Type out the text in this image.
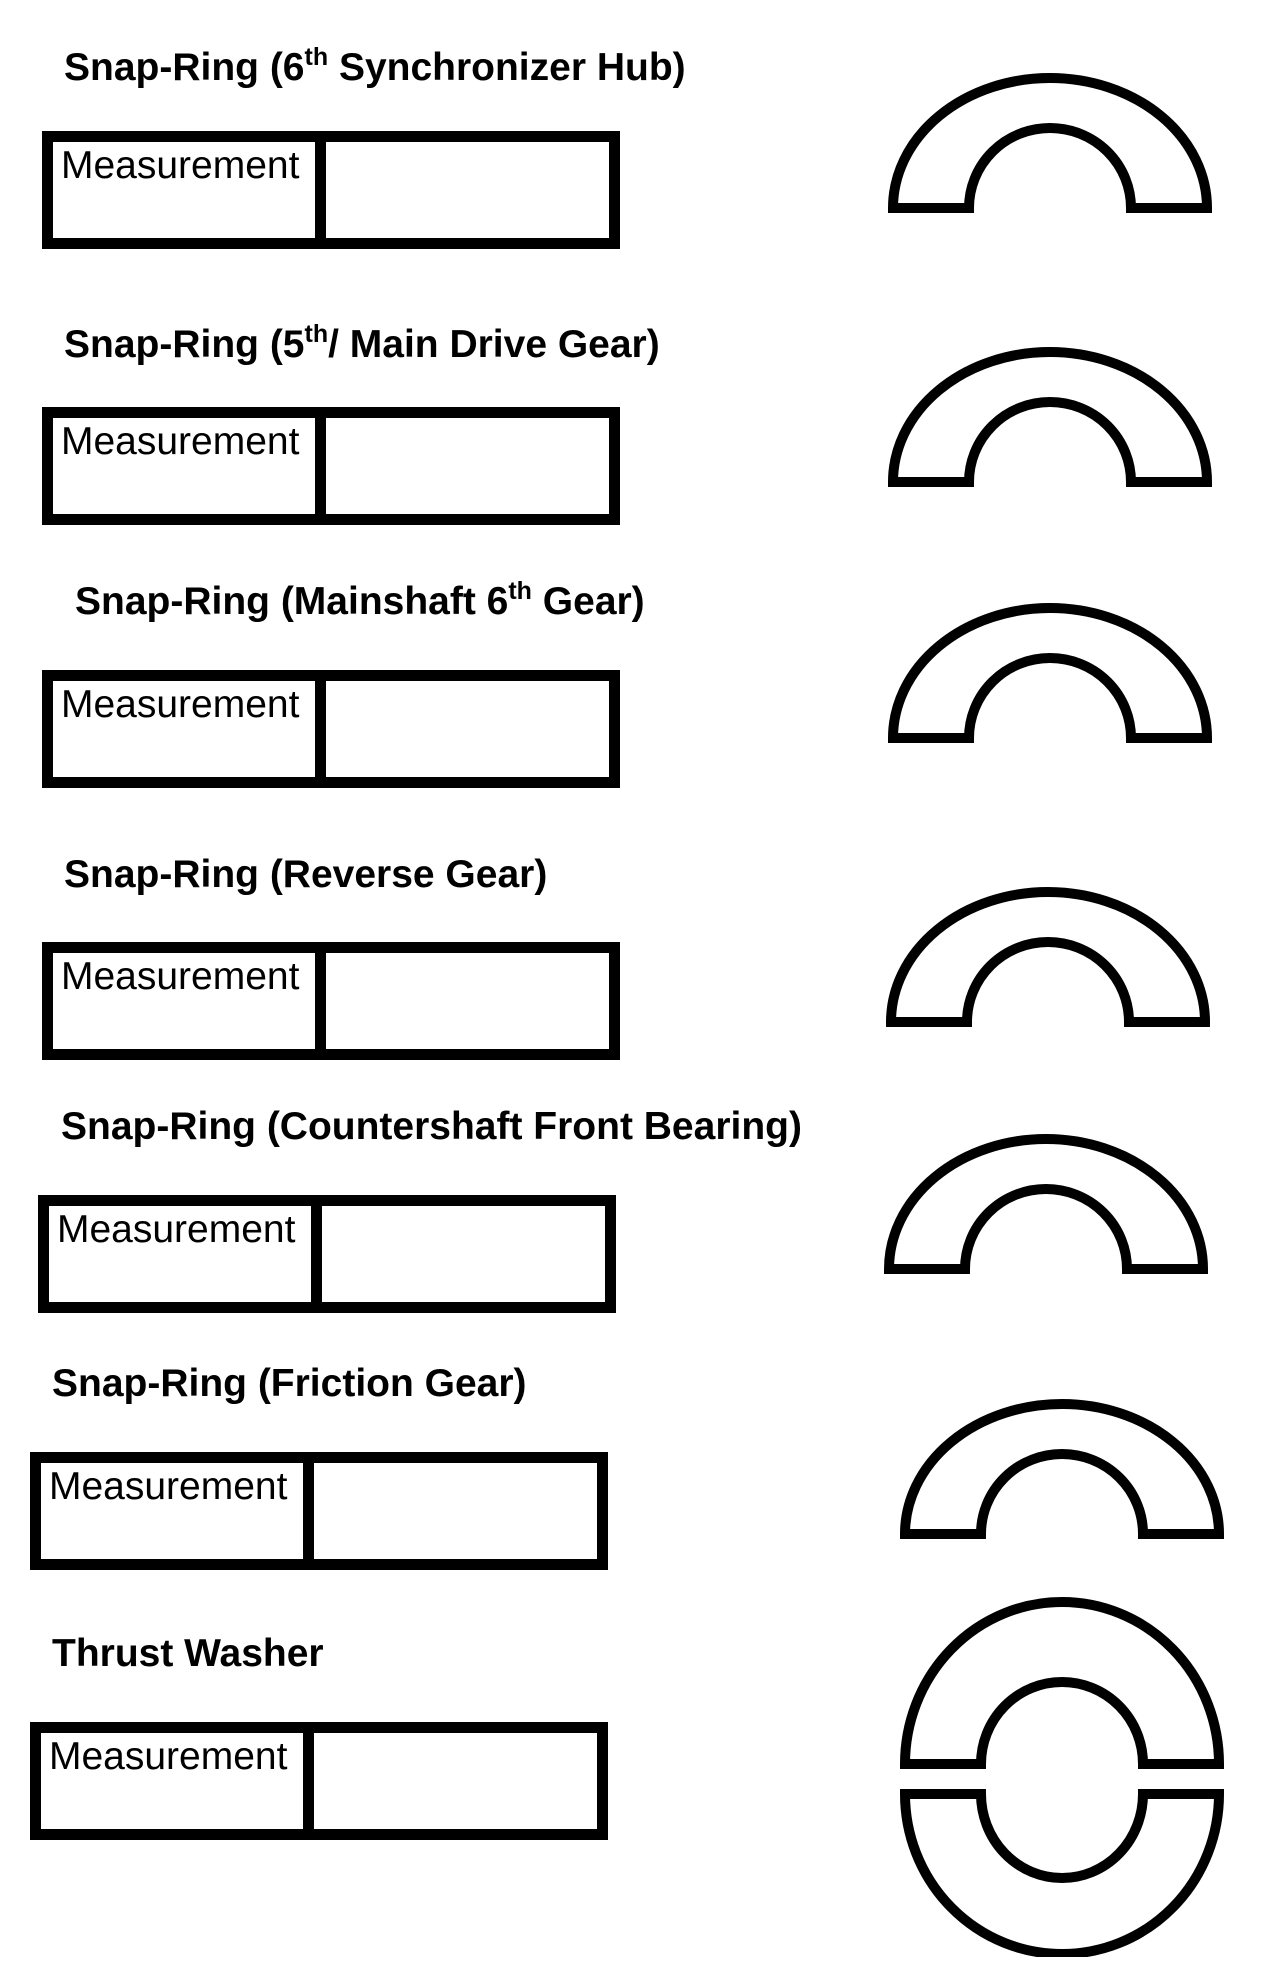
Snap-Ring (6th Synchronizer Hub)
Measurement
Snap-Ring (5th/ Main Drive Gear)
Measurement
Snap-Ring (Mainshaft 6th Gear)
Measurement
Snap-Ring (Reverse Gear)
Measurement
Snap-Ring (Countershaft Front Bearing)
Measurement
Snap-Ring (Friction Gear)
Measurement
Thrust Washer
Measurement
